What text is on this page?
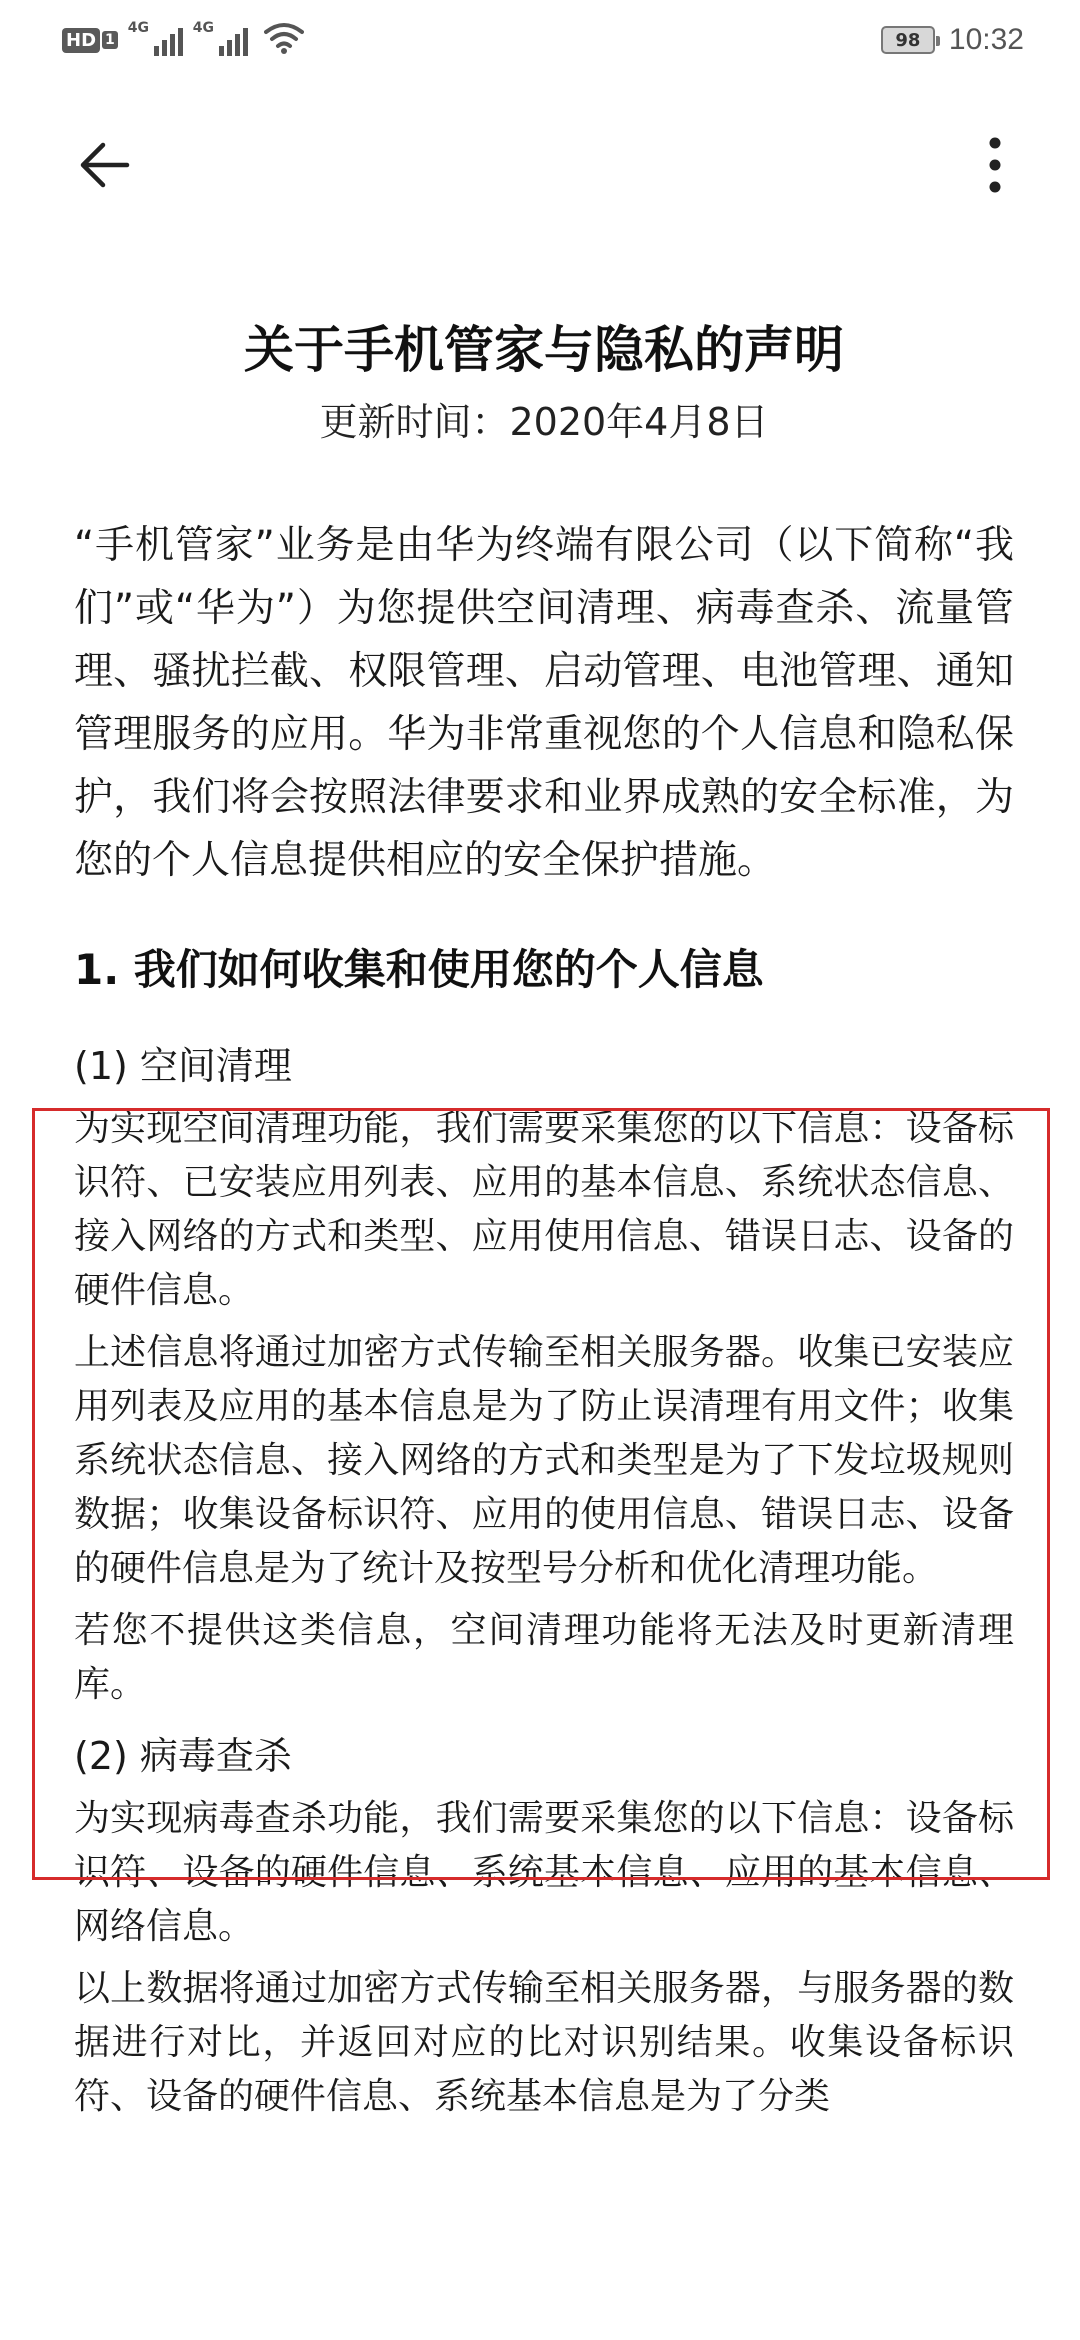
HD 1
4G	4G
98 10:32
关于手机管家与隐私的声明
更新时间：2020年4月8日
“手机管家”业务是由华为终端有限公司（以下简称“我们”或“华为”）为您提供空间清理、病毒查杀、流量管理、骚扰拦截、权限管理、启动管理、电池管理、通知管理服务的应用。华为非常重视您的个人信息和隐私保护，我们将会按照法律要求和业界成熟的安全标准，为您的个人信息提供相应的安全保护措施。
1. 我们如何收集和使用您的个人信息
(1) 空间清理
为实现空间清理功能，我们需要采集您的以下信息：设备标识符、已安装应用列表、应用的基本信息、系统状态信息、接入网络的方式和类型、应用使用信息、错误日志、设备的硬件信息。
上述信息将通过加密方式传输至相关服务器。收集已安装应用列表及应用的基本信息是为了防止误清理有用文件；收集系统状态信息、接入网络的方式和类型是为了下发垃圾规则数据；收集设备标识符、应用的使用信息、错误日志、设备的硬件信息是为了统计及按型号分析和优化清理功能。
若您不提供这类信息，空间清理功能将无法及时更新清理库。
(2) 病毒查杀
为实现病毒查杀功能，我们需要采集您的以下信息：设备标识符、设备的硬件信息、系统基本信息、应用的基本信息、网络信息。
以上数据将通过加密方式传输至相关服务器，与服务器的数据进行对比，并返回对应的比对识别结果。收集设备标识符、设备的硬件信息、系统基本信息是为了分类
